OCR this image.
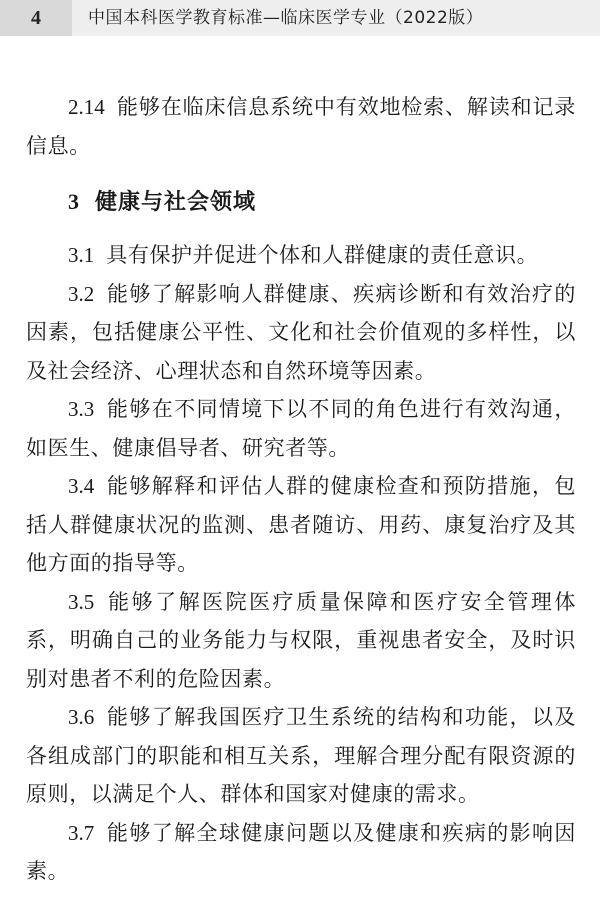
4	中国本科医学教育标准—临床医学专业（2022版）

2.14 能够在临床信息系统中有效地检索、解读和记录信息。

3 健康与社会领域

3.1 具有保护并促进个体和人群健康的责任意识。

3.2 能够了解影响人群健康、疾病诊断和有效治疗的因素，包括健康公平性、文化和社会价值观的多样性，以及社会经济、心理状态和自然环境等因素。

3.3 能够在不同情境下以不同的角色进行有效沟通，如医生、健康倡导者、研究者等。

3.4 能够解释和评估人群的健康检查和预防措施，包括人群健康状况的监测、患者随访、用药、康复治疗及其他方面的指导等。

3.5 能够了解医院医疗质量保障和医疗安全管理体系，明确自己的业务能力与权限，重视患者安全，及时识别对患者不利的危险因素。

3.6 能够了解我国医疗卫生系统的结构和功能，以及各组成部门的职能和相互关系，理解合理分配有限资源的原则，以满足个人、群体和国家对健康的需求。

3.7 能够了解全球健康问题以及健康和疾病的影响因素。
